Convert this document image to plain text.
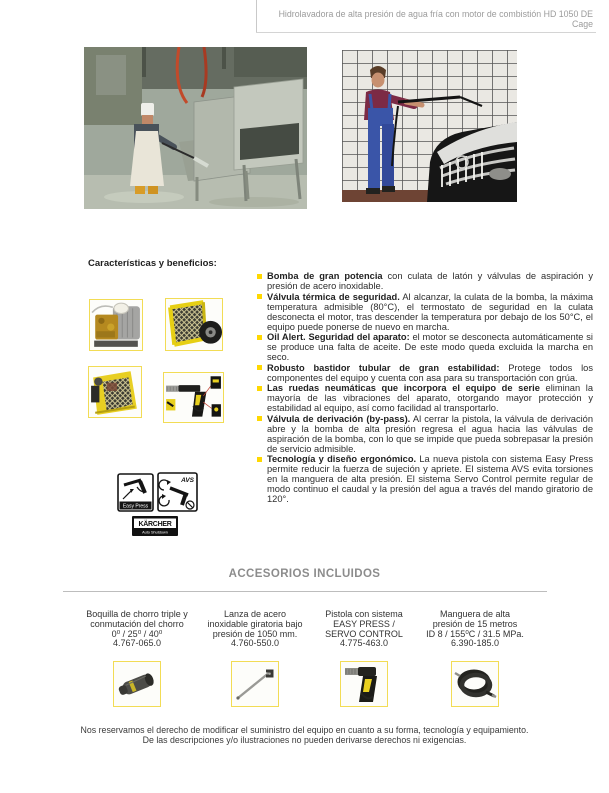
Hidrolavadora de alta presión de agua fría con motor de combistión HD 1050 DE Cage
Características y beneficios:
Easy Press
AVS
KÄRCHER
Auto Shutdown
Bomba de gran potencia con culata de latón y válvulas de aspiración y presión de acero inoxidable.
Válvula térmica de seguridad. Al alcanzar, la culata de la bomba, la máxima temperatura admisible (80°C), el termostato de seguridad en la culata desconecta el motor, tras descender la temperatura por debajo de los 50°C, el equipo puede ponerse de nuevo en marcha.
Oil Alert. Seguridad del aparato: el motor se desconecta automáticamente si se produce una falta de aceite. De este modo queda excluida la marcha en seco.
Robusto bastidor tubular de gran estabilidad: Protege todos los componentes del equipo y cuenta con asa para su transportación con grúa.
Las ruedas neumáticas que incorpora el equipo de serie eliminan la mayoría de las vibraciones del aparato, otorgando mayor protección y estabilidad al equipo, así como facilidad al transportarlo.
Válvula de derivación (by-pass). Al cerrar la pistola, la válvula de derivación abre y la bomba de alta presión regresa el agua hacia las válvulas de aspiración de la bomba, con lo que se impide que pueda sobrepasar la presión de servicio admisible.
Tecnología y diseño ergonómico. La nueva pistola con sistema Easy Press permite reducir la fuerza de sujeción y apriete. El sistema AVS evita torsiones en la manguera de alta presión. El sistema Servo Control permite regular de modo continuo el caudal y la presión del agua a través del mando giratorio de 120°.
ACCESORIOS INCLUIDOS
Boquilla de chorro triple y
conmutación del chorro
0⁰ / 25⁰ / 40⁰
4.767-065.0
Lanza de acero
inoxidable giratoria bajo
presión de 1050 mm.
4.760-550.0
Pistola con sistema
EASY PRESS /
SERVO CONTROL
4.775-463.0
Manguera de alta
presión de 15 metros
ID 8 / 155⁰C / 31.5 MPa.
6.390-185.0
Nos reservamos el derecho de modificar el suministro del equipo en cuanto a su forma, tecnología y equipamiento.
De las descripciones y/o ilustraciones no pueden derivarse derechos ni exigencias.
